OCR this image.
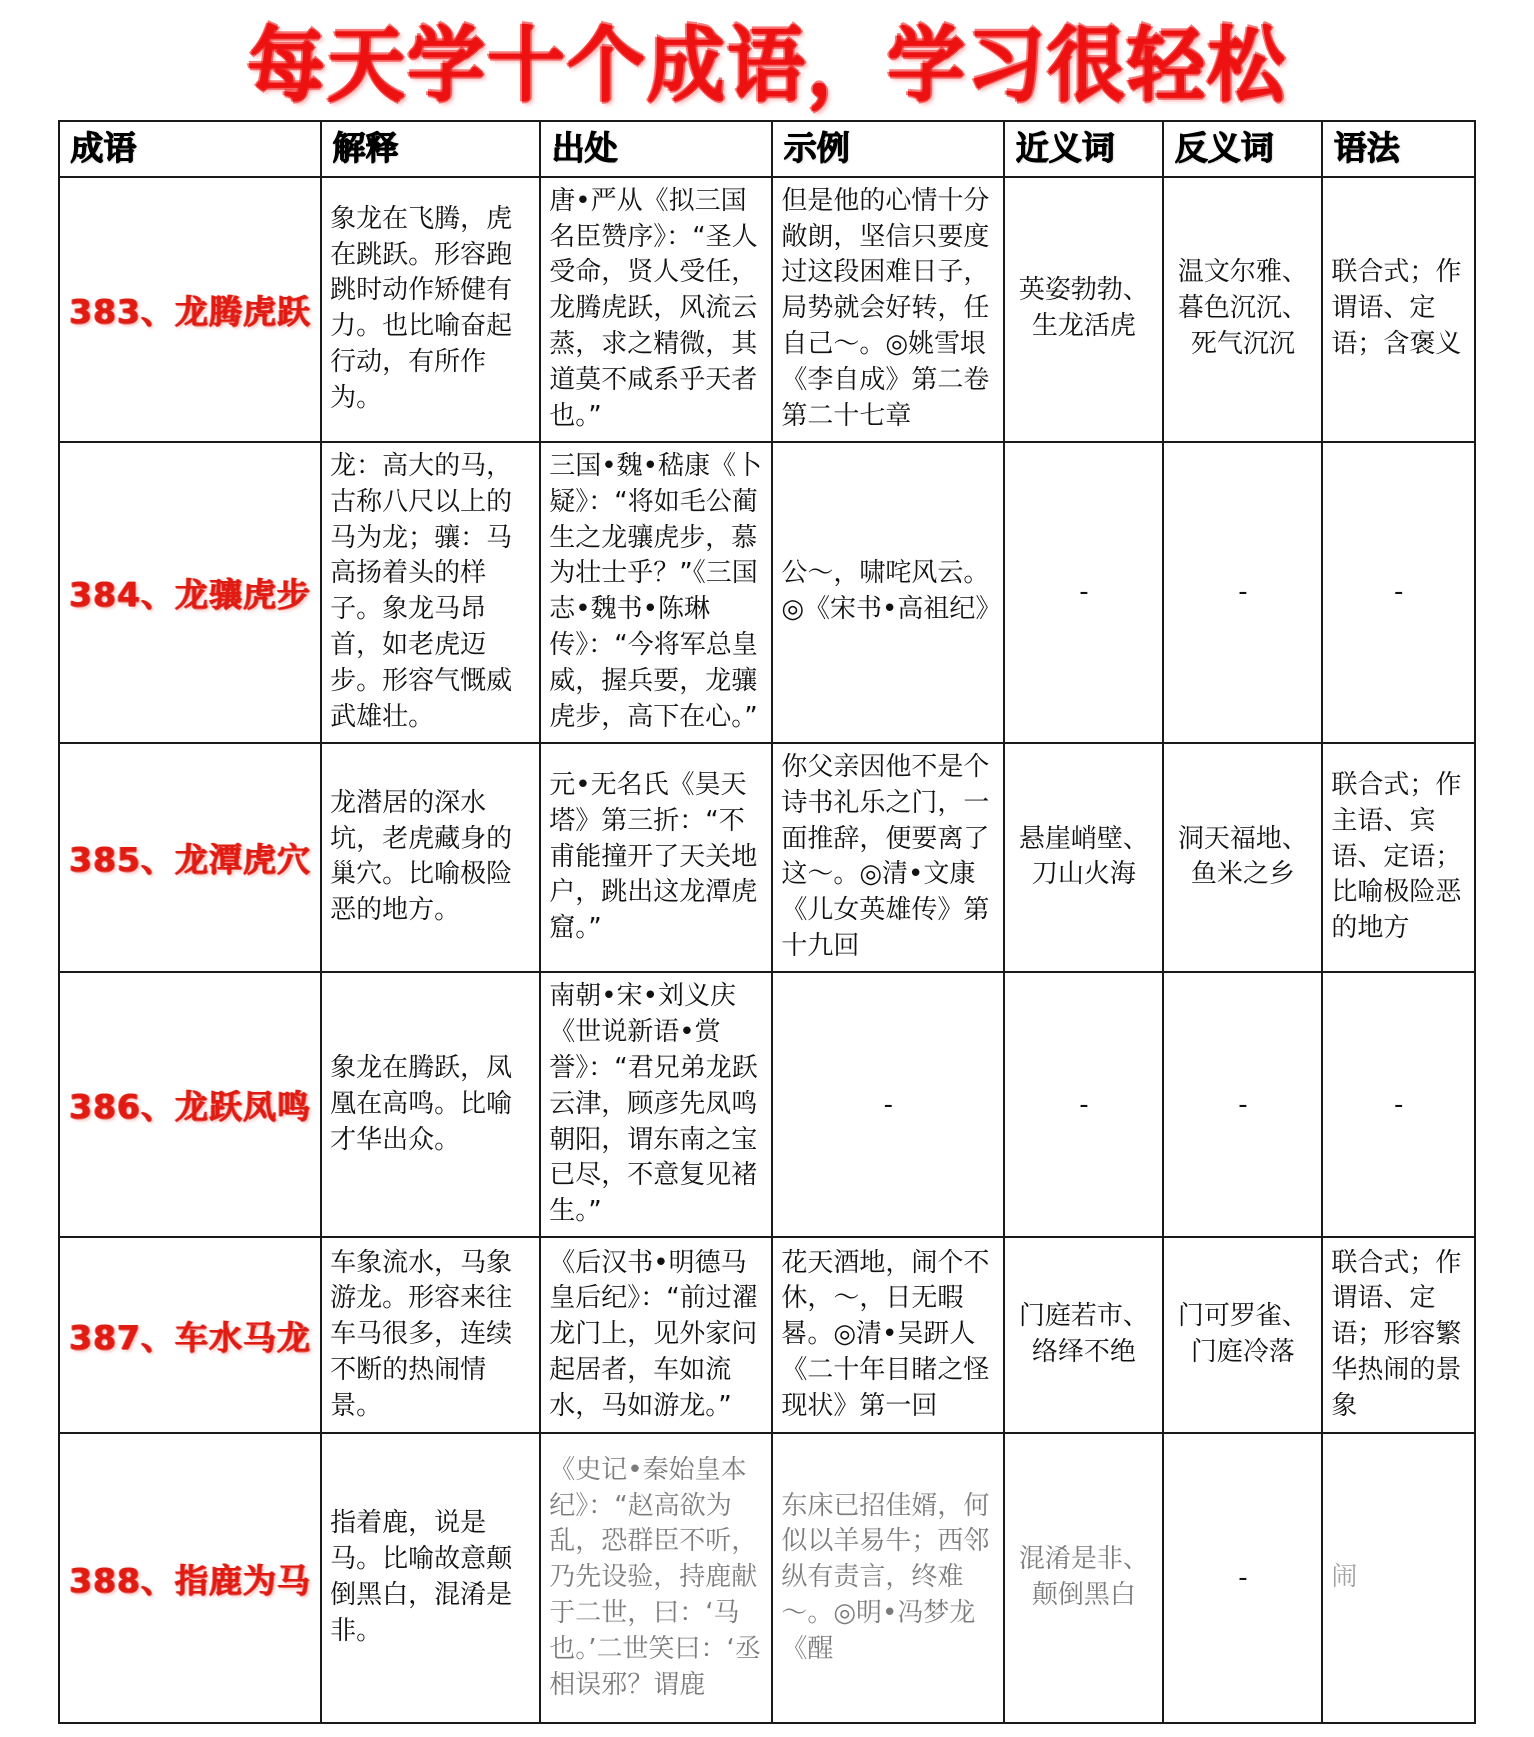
每天学十个成语，学习很轻松
成语	解释	出处	示例	近义词	反义词	语法
383、龙腾虎跃	象龙在飞腾，虎在跳跃。形容跑跳时动作矫健有力。也比喻奋起行动，有所作为。	唐•严从《拟三国名臣赞序》：“圣人受命，贤人受任，龙腾虎跃，风流云蒸，求之精微，其道莫不咸系乎天者也。”	但是他的心情十分敞朗，坚信只要度过这段困难日子，局势就会好转，任自己～。◎姚雪垠《李自成》第二卷第二十七章	英姿勃勃、生龙活虎	温文尔雅、暮色沉沉、死气沉沉	联合式；作谓语、定语；含褒义
384、龙骧虎步	龙：高大的马，古称八尺以上的马为龙；骧：马高扬着头的样子。象龙马昂首，如老虎迈步。形容气慨威武雄壮。	三国•魏•嵇康《卜疑》：“将如毛公蔺生之龙骧虎步，慕为壮士乎？”《三国志•魏书•陈琳传》：“今将军总皇威，握兵要，龙骧虎步，高下在心。”	公～，啸咤风云。◎《宋书•高祖纪》	-	-	-
385、龙潭虎穴	龙潜居的深水坑，老虎藏身的巢穴。比喻极险恶的地方。	元•无名氏《昊天塔》第三折：“不甫能撞开了天关地户，跳出这龙潭虎窟。”	你父亲因他不是个诗书礼乐之门，一面推辞，便要离了这～。◎清•文康《儿女英雄传》第十九回	悬崖峭壁、刀山火海	洞天福地、鱼米之乡	联合式；作主语、宾语、定语；比喻极险恶的地方
386、龙跃凤鸣	象龙在腾跃，凤凰在高鸣。比喻才华出众。	南朝•宋•刘义庆《世说新语•赏誉》：“君兄弟龙跃云津，顾彦先凤鸣朝阳，谓东南之宝已尽，不意复见褚生。”	-	-	-	-
387、车水马龙	车象流水，马象游龙。形容来往车马很多，连续不断的热闹情景。	《后汉书•明德马皇后纪》：“前过濯龙门上，见外家问起居者，车如流水，马如游龙。”	花天酒地，闹个不休，～，日无暇晷。◎清•吴趼人《二十年目睹之怪现状》第一回	门庭若市、络绎不绝	门可罗雀、门庭冷落	联合式；作谓语、定语；形容繁华热闹的景象
388、指鹿为马	指着鹿，说是马。比喻故意颠倒黑白，混淆是非。	《史记•秦始皇本纪》：“赵高欲为乱，恐群臣不听，乃先设验，持鹿献于二世，曰：‘马也。’二世笑曰：‘丞相误邪？谓鹿	东床已招佳婿，何似以羊易牛；西邻纵有责言，终难～。◎明•冯梦龙《醒	混淆是非、颠倒黑白	-	闹
